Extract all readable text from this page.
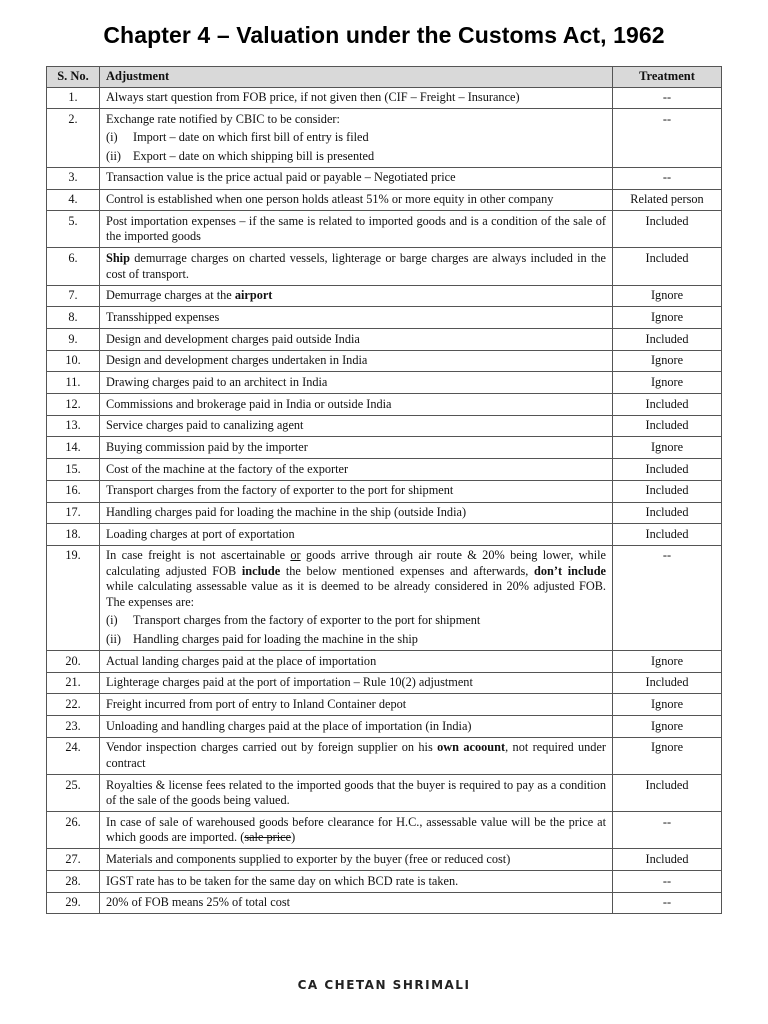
Chapter 4 – Valuation under the Customs Act, 1962
S. No.	Adjustment	Treatment
1.	Always start question from FOB price, if not given then (CIF – Freight – Insurance)	--
2.	Exchange rate notified by CBIC to be consider:
(i) Import – date on which first bill of entry is filed
(ii) Export – date on which shipping bill is presented	--
3.	Transaction value is the price actual paid or payable – Negotiated price	--
4.	Control is established when one person holds atleast 51% or more equity in other company	Related person
5.	Post importation expenses – if the same is related to imported goods and is a condition of the sale of the imported goods	Included
6.	Ship demurrage charges on charted vessels, lighterage or barge charges are always included in the cost of transport.	Included
7.	Demurrage charges at the airport	Ignore
8.	Transshipped expenses	Ignore
9.	Design and development charges paid outside India	Included
10.	Design and development charges undertaken in India	Ignore
11.	Drawing charges paid to an architect in India	Ignore
12.	Commissions and brokerage paid in India or outside India	Included
13.	Service charges paid to canalizing agent	Included
14.	Buying commission paid by the importer	Ignore
15.	Cost of the machine at the factory of the exporter	Included
16.	Transport charges from the factory of exporter to the port for shipment	Included
17.	Handling charges paid for loading the machine in the ship (outside India)	Included
18.	Loading charges at port of exportation	Included
19.	In case freight is not ascertainable or goods arrive through air route & 20% being lower, while calculating adjusted FOB include the below mentioned expenses and afterwards, don’t include while calculating assessable value as it is deemed to be already considered in 20% adjusted FOB. The expenses are:
(i) Transport charges from the factory of exporter to the port for shipment
(ii) Handling charges paid for loading the machine in the ship	--
20.	Actual landing charges paid at the place of importation	Ignore
21.	Lighterage charges paid at the port of importation – Rule 10(2) adjustment	Included
22.	Freight incurred from port of entry to Inland Container depot	Ignore
23.	Unloading and handling charges paid at the place of importation (in India)	Ignore
24.	Vendor inspection charges carried out by foreign supplier on his own acoount, not required under contract	Ignore
25.	Royalties & license fees related to the imported goods that the buyer is required to pay as a condition of the sale of the goods being valued.	Included
26.	In case of sale of warehoused goods before clearance for H.C., assessable value will be the price at which goods are imported. (sale price)	--
27.	Materials and components supplied to exporter by the buyer (free or reduced cost)	Included
28.	IGST rate has to be taken for the same day on which BCD rate is taken.	--
29.	20% of FOB means 25% of total cost	--
CA CHETAN SHRIMALI
